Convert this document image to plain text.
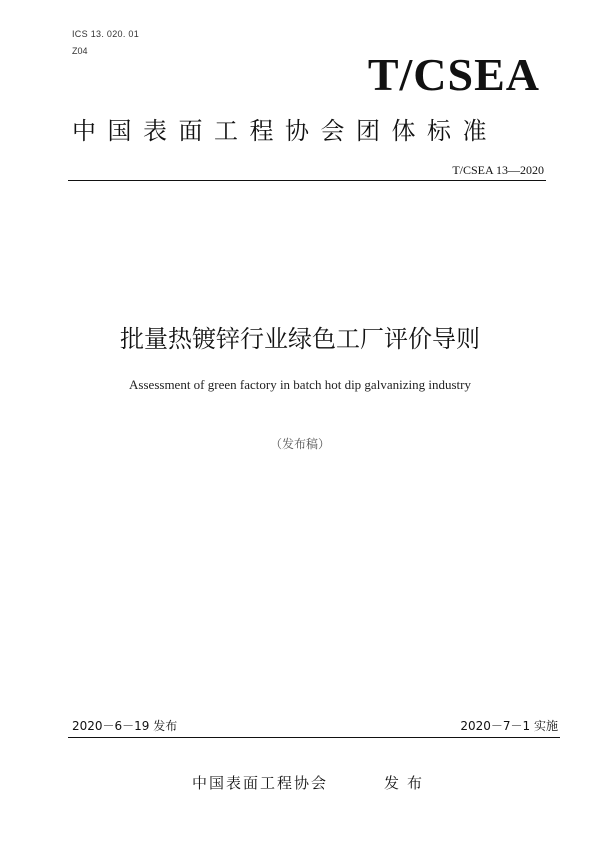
ICS 13. 020. 01
Z04	T/CSEA
中国表面工程协会团体标准
T/CSEA 13—2020
批量热镀锌行业绿色工厂评价导则
Assessment of green factory in batch hot dip galvanizing industry
（发布稿）
2020－6－19 发布	2020－7－1 实施
中国表面工程协会	发布
